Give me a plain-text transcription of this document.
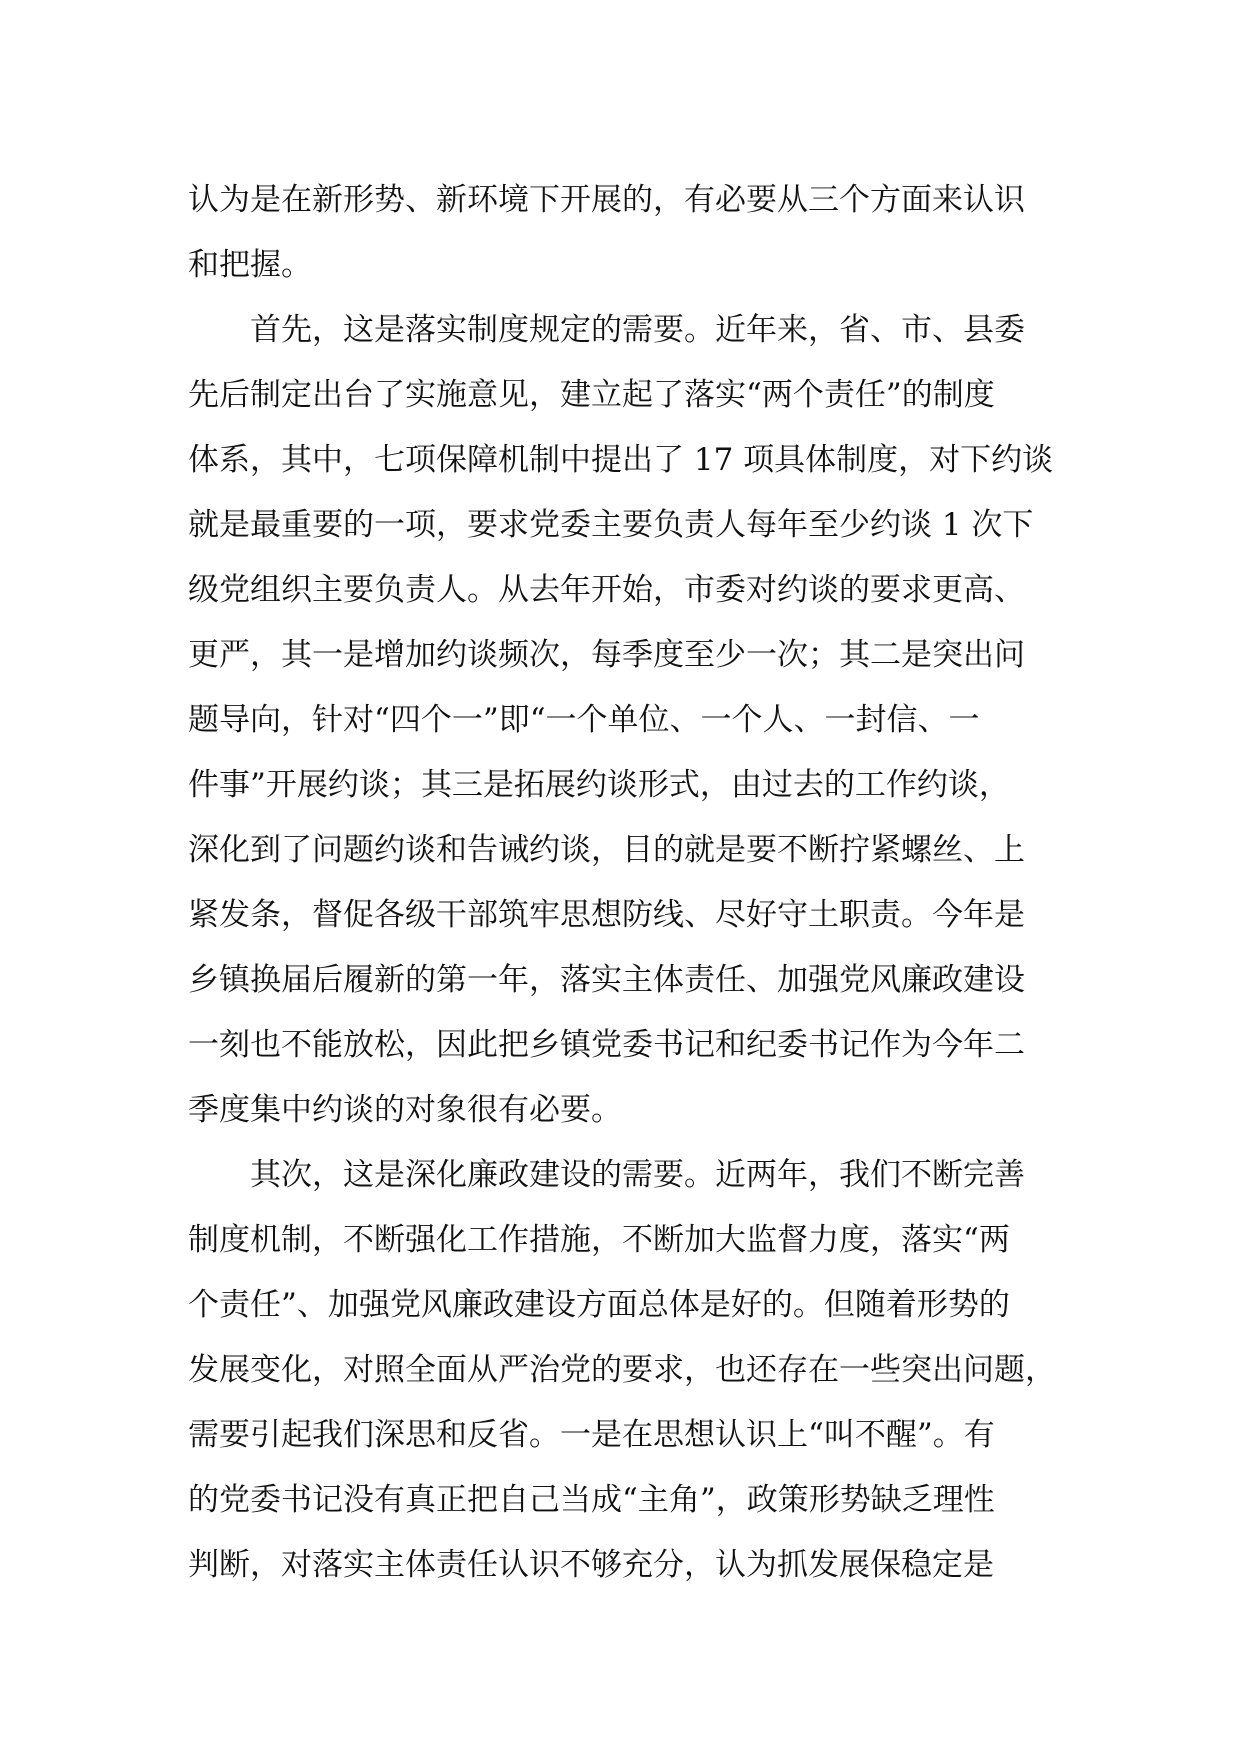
认为是在新形势、新环境下开展的，有必要从三个方面来认识
和把握。
首先，这是落实制度规定的需要。近年来，省、市、县委
先后制定出台了实施意见，建立起了落实“两个责任”的制度
体系，其中，七项保障机制中提出了 17 项具体制度，对下约谈
就是最重要的一项，要求党委主要负责人每年至少约谈 1 次下
级党组织主要负责人。从去年开始，市委对约谈的要求更高、
更严，其一是增加约谈频次，每季度至少一次；其二是突出问
题导向，针对“四个一”即“一个单位、一个人、一封信、一
件事”开展约谈；其三是拓展约谈形式，由过去的工作约谈，
深化到了问题约谈和告诫约谈，目的就是要不断拧紧螺丝、上
紧发条，督促各级干部筑牢思想防线、尽好守土职责。今年是
乡镇换届后履新的第一年，落实主体责任、加强党风廉政建设
一刻也不能放松，因此把乡镇党委书记和纪委书记作为今年二
季度集中约谈的对象很有必要。
其次，这是深化廉政建设的需要。近两年，我们不断完善
制度机制，不断强化工作措施，不断加大监督力度，落实“两
个责任”、加强党风廉政建设方面总体是好的。但随着形势的
发展变化，对照全面从严治党的要求，也还存在一些突出问题，
需要引起我们深思和反省。一是在思想认识上“叫不醒”。有
的党委书记没有真正把自己当成“主角”，政策形势缺乏理性
判断，对落实主体责任认识不够充分，认为抓发展保稳定是
